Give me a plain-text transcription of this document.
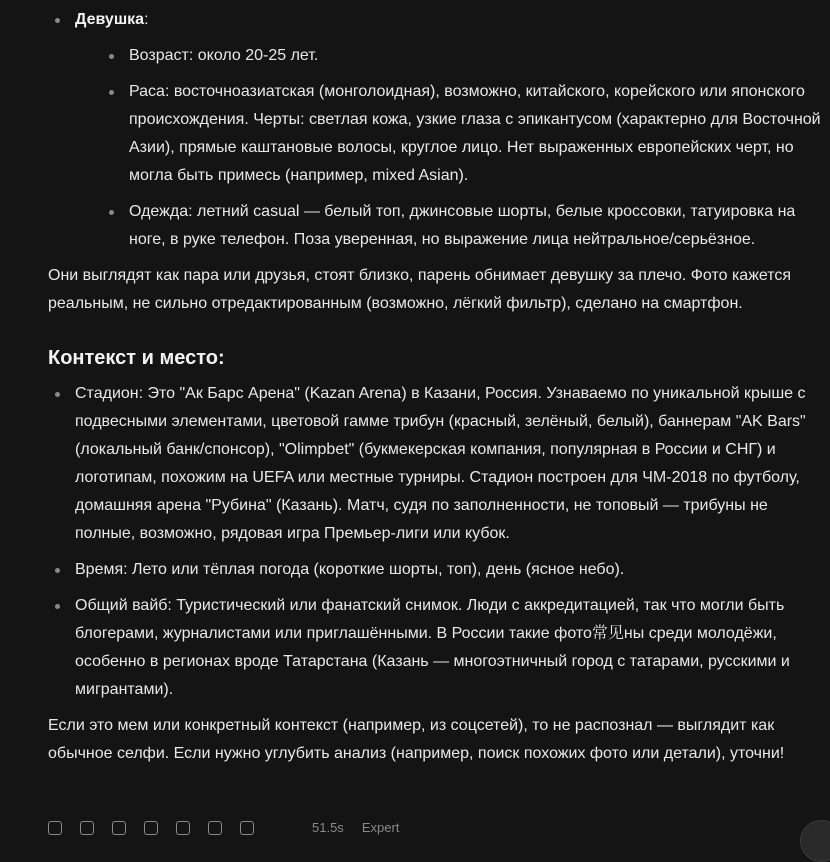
Девушка:
Возраст: около 20-25 лет.
Раса: восточноазиатская (монголоидная), возможно, китайского, корейского или японского происхождения. Черты: светлая кожа, узкие глаза с эпикантусом (характерно для Восточной Азии), прямые каштановые волосы, круглое лицо. Нет выраженных европейских черт, но могла быть примесь (например, mixed Asian).
Одежда: летний casual — белый топ, джинсовые шорты, белые кроссовки, татуировка на ноге, в руке телефон. Поза уверенная, но выражение лица нейтральное/серьёзное.

Они выглядят как пара или друзья, стоят близко, парень обнимает девушку за плечо. Фото кажется реальным, не сильно отредактированным (возможно, лёгкий фильтр), сделано на смартфон.

Контекст и место:
Стадион: Это "Ак Барс Арена" (Kazan Arena) в Казани, Россия. Узнаваемо по уникальной крыше с подвесными элементами, цветовой гамме трибун (красный, зелёный, белый), баннерам "AK Bars" (локальный банк/спонсор), "Olimpbet" (букмекерская компания, популярная в России и СНГ) и логотипам, похожим на UEFA или местные турниры. Стадион построен для ЧМ-2018 по футболу, домашняя арена "Рубина" (Казань). Матч, судя по заполненности, не топовый — трибуны не полные, возможно, рядовая игра Премьер-лиги или кубок.
Время: Лето или тёплая погода (короткие шорты, топ), день (ясное небо).
Общий вайб: Туристический или фанатский снимок. Люди с аккредитацией, так что могли быть блогерами, журналистами или приглашёнными. В России такие фото常见ны среди молодёжи, особенно в регионах вроде Татарстана (Казань — многоэтничный город с татарами, русскими и мигрантами).

Если это мем или конкретный контекст (например, из соцсетей), то не распознал — выглядит как обычное селфи. Если нужно углубить анализ (например, поиск похожих фото или детали), уточни!

51.5s Expert
